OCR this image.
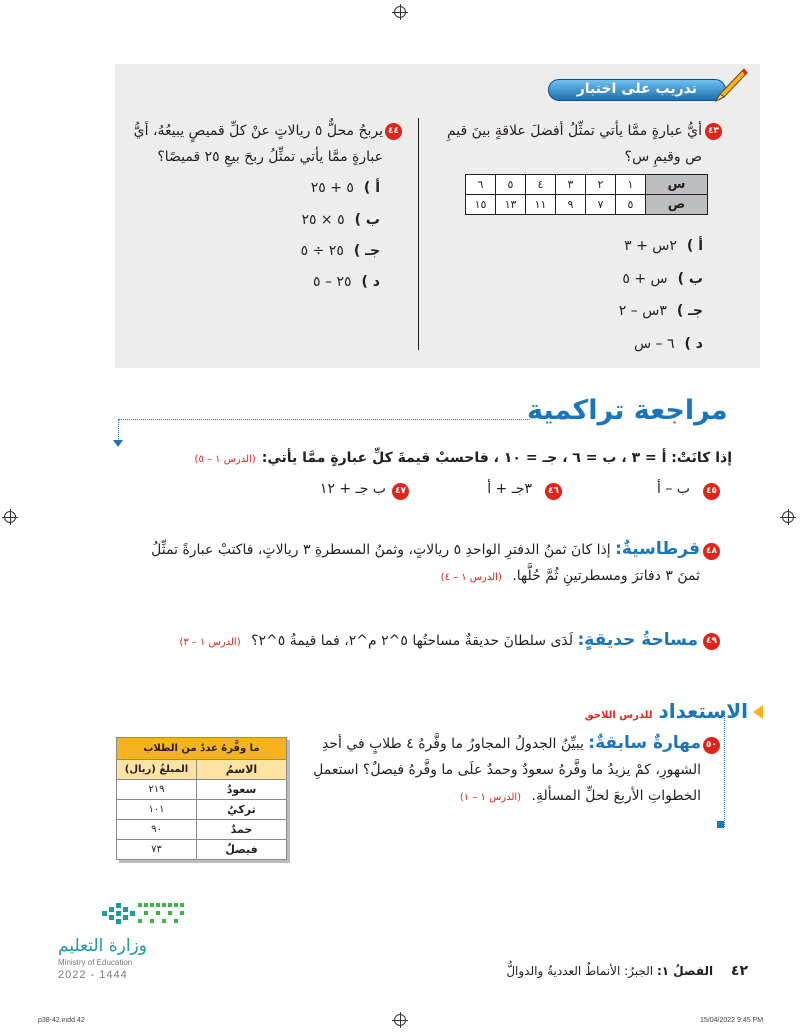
p38-42.indd 42	15/04/2022 9:45 PM
تدريب على اختبار
٤٣
أيُّ عبارةٍ ممَّا يأتي تمثِّلُ أفضلَ علاقةٍ بينَ قيمِ ص وقيمِ س؟
س	١	٢	٣	٤	٥	٦
ص	٥	٧	٩	١١	١٣	١٥
أ )٢س + ٣
ب )س + ٥
جـ )٣س – ٢
د )٦ – س
٤٤
يربحُ محلٌّ ٥ ريالاتٍ عنْ كلِّ قميصٍ يبيعُهُ، أيُّ عبارةٍ ممَّا يأتي تمثِّلُ ربحَ بيعِ ٢٥ قميصًا؟
أ )٥ + ٢٥
ب )٥ × ٢٥
جـ )٢٥ ÷ ٥
د )٢٥ – ٥
مراجعة تراكمية
إذا كانَتْ: أ = ٣ ، ب = ٦ ، جـ = ١٠ ، فاحسبْ قيمةَ كلِّ عبارةٍ ممَّا يأتي:(الدرس ١ – ٥)
٤٥
ب – أ
٤٦
٣جـ + أ
٤٧
ب جـ + ١٢
٤٨
قرطاسيةٌ: إذا كانَ ثمنُ الدفترِ الواحدِ ٥ ريالاتٍ، وثمنُ المسطرةِ ٣ ريالاتٍ، فاكتبْ عبارةً تمثِّلُ ثمنَ ٣ دفاترَ ومسطرتينِ ثُمَّ حُلَّها. (الدرس ١ – ٤)
٤٩
مساحةُ حديقةٍ: لَدَى سلطانَ حديقةٌ مساحتُها ٥^٢ م^٢، فما قيمةُ ٥^٢؟ (الدرس ١ – ٣)
الاستعدادللدرس اللاحق
٥٠
مهارةٌ سابقةٌ: يبيِّنُ الجدولُ المجاورُ ما وفَّرهُ ٤ طلابٍ في أحدِ الشهورِ، كمْ يزيدُ ما وفَّرهُ سعودٌ وحمدٌ علَى ما وفَّرهُ فيصلٌ؟ استعملِ الخطواتِ الأربعَ لحلِّ المسألةِ. (الدرس ١ – ١)
ما وفَّرهُ عددٌ من الطلاب	
الاسمُ	المبلغُ (ريال)
سعودٌ	٢١٩
تركيٌ	١٠١
حمدٌ	٩٠
فيصلٌ	٧٣
وزارة التعليم
Ministry of Education
2022 - 1444	٤٢ الفصلُ ١: الجبرُ: الأنماطُ العدديةُ والدوالُّ
